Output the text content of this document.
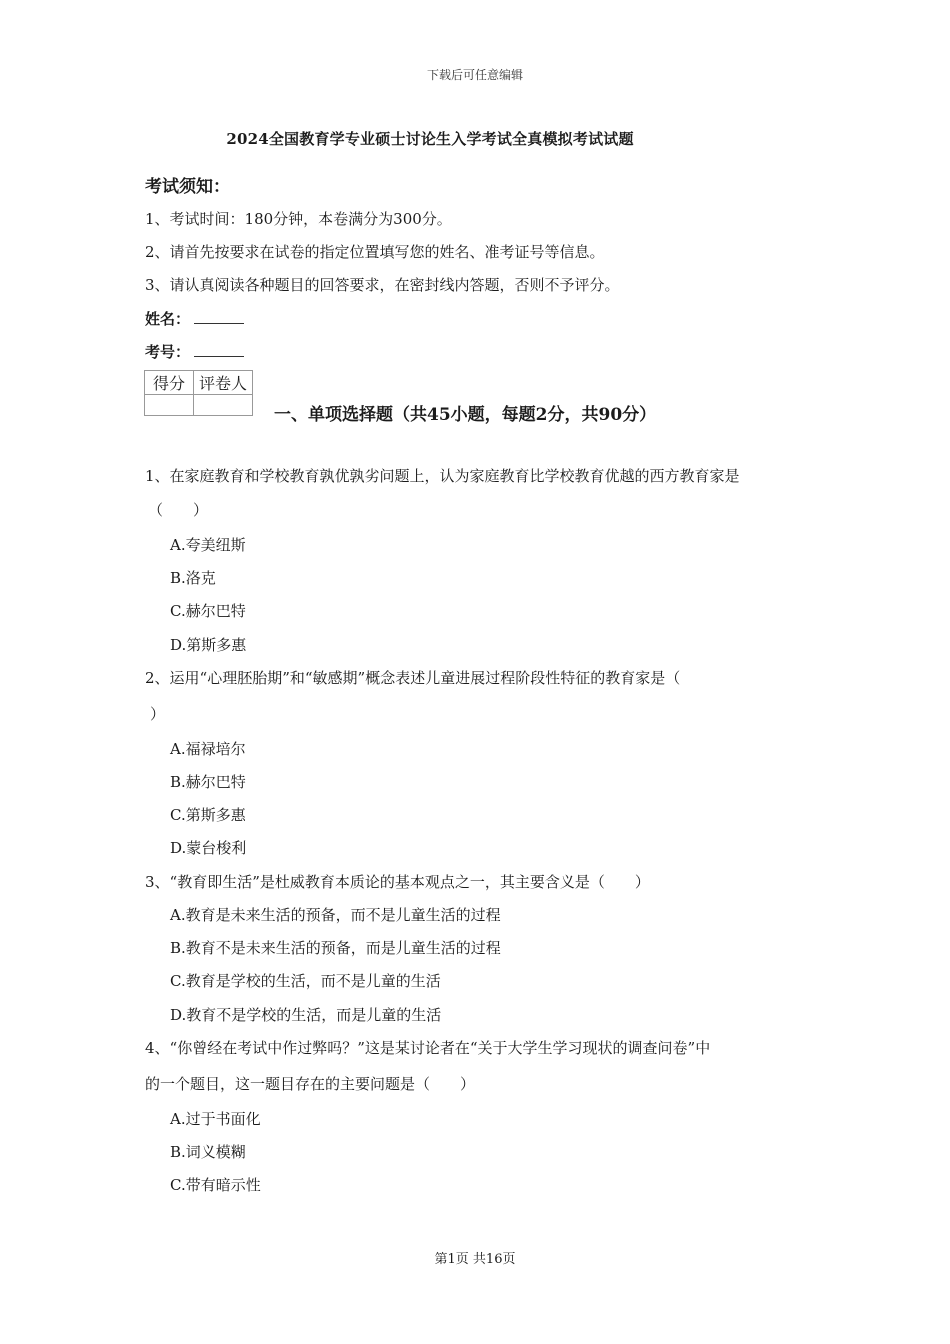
下载后可任意编辑
2024全国教育学专业硕士讨论生入学考试全真模拟考试试题
考试须知：
1、考试时间：180分钟，本卷满分为300分。
2、请首先按要求在试卷的指定位置填写您的姓名、准考证号等信息。
3、请认真阅读各种题目的回答要求，在密封线内答题，否则不予评分。
姓名：
考号：
得分	评卷人

一、单项选择题（共45小题，每题2分，共90分）
1、在家庭教育和学校教育孰优孰劣问题上，认为家庭教育比学校教育优越的西方教育家是
（　　）
A.夸美纽斯
B.洛克
C.赫尔巴特
D.第斯多惠
2、运用“心理胚胎期”和“敏感期”概念表述儿童进展过程阶段性特征的教育家是（
）
A.福禄培尔
B.赫尔巴特
C.第斯多惠
D.蒙台梭利
3、“教育即生活”是杜威教育本质论的基本观点之一，其主要含义是（　　）
A.教育是未来生活的预备，而不是儿童生活的过程
B.教育不是未来生活的预备，而是儿童生活的过程
C.教育是学校的生活，而不是儿童的生活
D.教育不是学校的生活，而是儿童的生活
4、“你曾经在考试中作过弊吗？”这是某讨论者在“关于大学生学习现状的调查问卷”中
的一个题目，这一题目存在的主要问题是（　　）
A.过于书面化
B.词义模糊
C.带有暗示性
第1页 共16页
